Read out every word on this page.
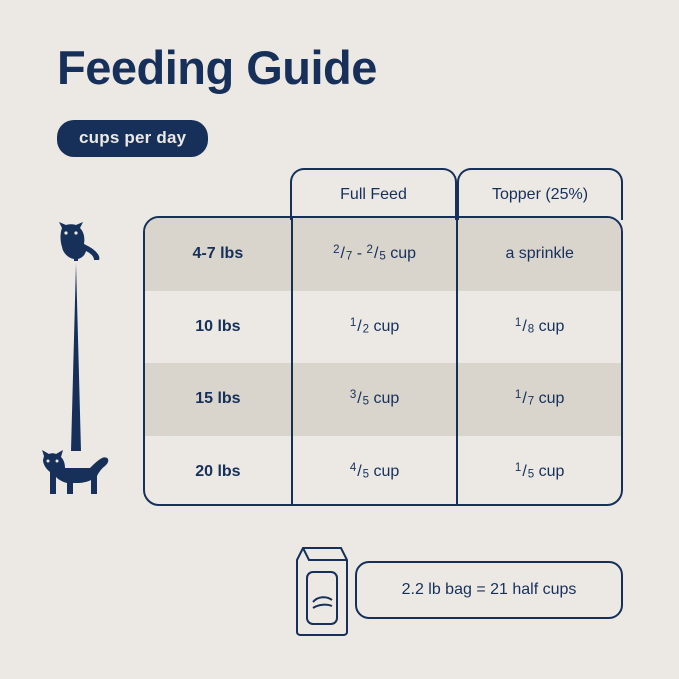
Feeding Guide
cups per day
Full Feed	Topper (25%)
4-7 lbs	$^2/_7 - ^2/_5$ cup	a sprinkle
10 lbs	$^1/_2$ cup	$^1/_8$ cup
15 lbs	$^3/_5$ cup	$^1/_7$ cup
20 lbs	$^4/_5$ cup	$^1/_5$ cup
2.2 lb bag = 21 half cups
